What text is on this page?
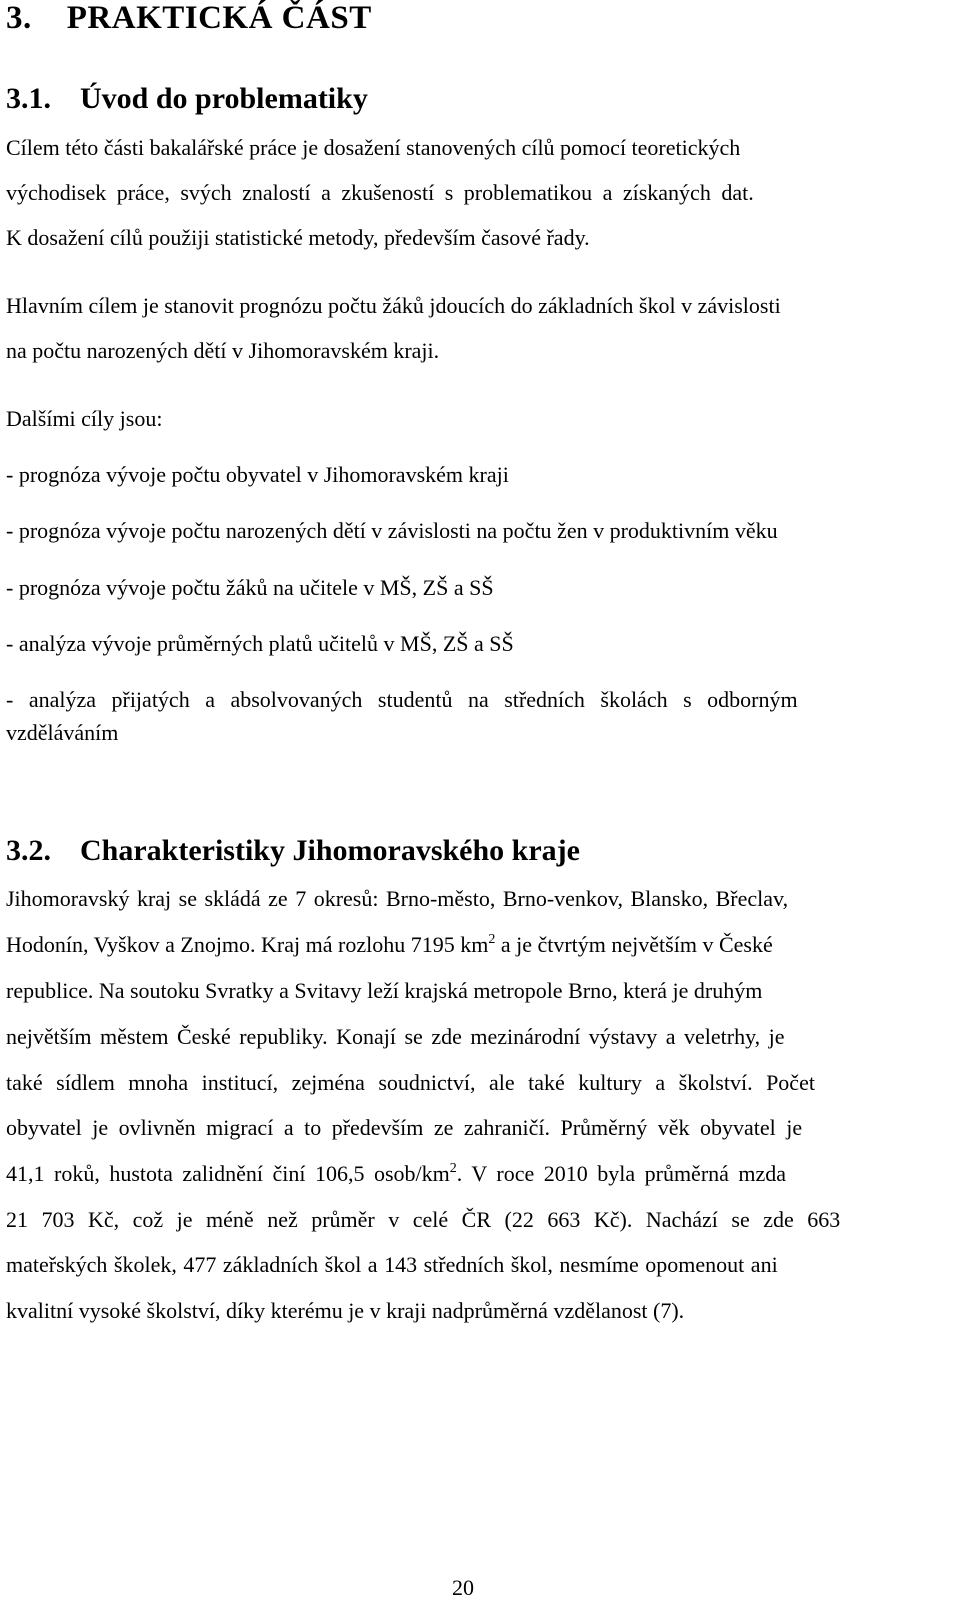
3. PRAKTICKÁ ČÁST
3.1. Úvod do problematiky
Cílem této části bakalářské práce je dosažení stanovených cílů pomocí teoretických
východisek práce, svých znalostí a zkušeností s problematikou a získaných dat.
K dosažení cílů použiji statistické metody, především časové řady.
Hlavním cílem je stanovit prognózu počtu žáků jdoucích do základních škol v závislosti
na počtu narozených dětí v Jihomoravském kraji.
Dalšími cíly jsou:
- prognóza vývoje počtu obyvatel v Jihomoravském kraji
- prognóza vývoje počtu narozených dětí v závislosti na počtu žen v produktivním věku
- prognóza vývoje počtu žáků na učitele v MŠ, ZŠ a SŠ
- analýza vývoje průměrných platů učitelů v MŠ, ZŠ a SŠ
- analýza přijatých a absolvovaných studentů na středních školách s odborným
vzděláváním
3.2. Charakteristiky Jihomoravského kraje
Jihomoravský kraj se skládá ze 7 okresů: Brno-město, Brno-venkov, Blansko, Břeclav,
Hodonín, Vyškov a Znojmo. Kraj má rozlohu 7195 $km^2$ a je čtvrtým největším v České
republice. Na soutoku Svratky a Svitavy leží krajská metropole Brno, která je druhým
největším městem České republiky. Konají se zde mezinárodní výstavy a veletrhy, je
také sídlem mnoha institucí, zejména soudnictví, ale také kultury a školství. Počet
obyvatel je ovlivněn migrací a to především ze zahraničí. Průměrný věk obyvatel je
41,1 roků, hustota zalidnění činí 106,5 osob/$km^2$. V roce 2010 byla průměrná mzda
21 703 Kč, což je méně než průměr v celé ČR (22 663 Kč). Nachází se zde 663
mateřských školek, 477 základních škol a 143 středních škol, nesmíme opomenout ani
kvalitní vysoké školství, díky kterému je v kraji nadprůměrná vzdělanost (7).
20
